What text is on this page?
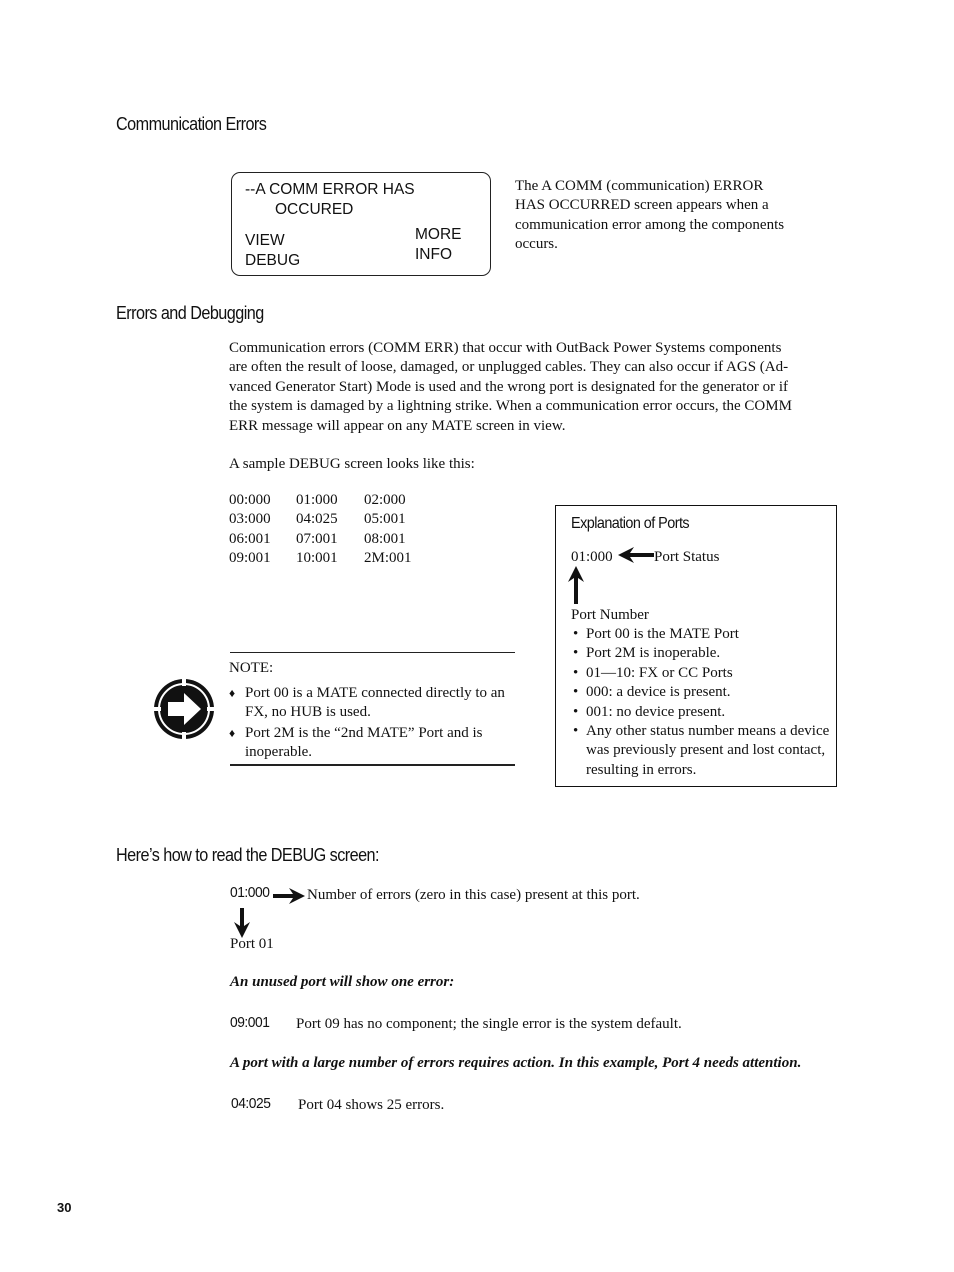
Communication Errors
--A COMM ERROR HAS
OCCURED
VIEW
DEBUG
MORE
INFO
The A COMM (communication) ERROR
HAS OCCURRED screen appears when a
communication error among the components
occurs.
Errors and Debugging
Communication errors (COMM ERR) that occur with OutBack Power Systems components
are often the result of loose, damaged, or unplugged cables. They can also occur if AGS (Ad-
vanced Generator Start) Mode is used and the wrong port is designated for the generator or if
the system is damaged by a lightning strike. When a communication error occurs, the COMM
ERR message will appear on any MATE screen in view.
A sample DEBUG screen looks like this:
00:000 01:000 02:000
03:000 04:025 05:001
06:001 07:001 08:001
09:001 10:001 2M:001
NOTE:
♦ Port 00 is a MATE connected directly to an FX, no HUB is used.
♦ Port 2M is the “2nd MATE” Port and is inoperable.
Explanation of Ports
01:000	Port Status
Port Number
• Port 00 is the MATE Port
• Port 2M is inoperable.
• 01—10: FX or CC Ports
• 000: a device is present.
• 001: no device present.
• Any other status number means a device was previously present and lost contact, resulting in errors.
Here’s how to read the DEBUG screen:
01:000	Number of errors (zero in this case) present at this port.
Port 01
An unused port will show one error:
09:001 Port 09 has no component; the single error is the system default.
A port with a large number of errors requires action. In this example, Port 4 needs attention.
04:025 Port 04 shows 25 errors.
30
